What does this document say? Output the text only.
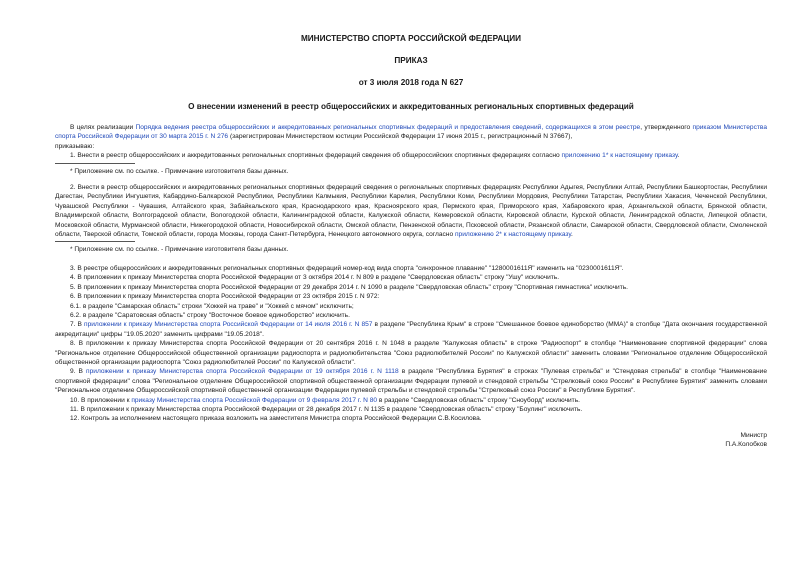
МИНИСТЕРСТВО СПОРТА РОССИЙСКОЙ ФЕДЕРАЦИИ
ПРИКАЗ
от 3 июля 2018 года N 627
О внесении изменений в реестр общероссийских и аккредитованных региональных спортивных федераций

В целях реализации Порядка ведения реестра общероссийских и аккредитованных региональных спортивных федераций и предоставления сведений, содержащихся в этом реестре, утвержденного приказом Министерства спорта Российской Федерации от 30 марта 2015 г. N 276 (зарегистрирован Министерством юстиции Российской Федерации 17 июня 2015 г., регистрационный N 37667),

приказываю:

1. Внести в реестр общероссийских и аккредитованных региональных спортивных федераций сведения об общероссийских спортивных федерациях согласно приложению 1* к настоящему приказу.

* Приложение см. по ссылке. - Примечание изготовителя базы данных.

2. Внести в реестр общероссийских и аккредитованных региональных спортивных федераций сведения о региональных спортивных федерациях Республики Адыгея, Республики Алтай, Республики Башкортостан, Республики Дагестан, Республики Ингушетия, Кабардино-Балкарской Республики, Республики Калмыкия, Республики Карелия, Республики Коми, Республики Мордовия, Республики Татарстан, Республики Хакасия, Чеченской Республики, Чувашской Республики - Чувашия, Алтайского края, Забайкальского края, Краснодарского края, Красноярского края, Пермского края, Приморского края, Хабаровского края, Архангельской области, Брянской области, Владимирской области, Волгоградской области, Вологодской области, Калининградской области, Калужской области, Кемеровской области, Кировской области, Курской области, Ленинградской области, Липецкой области, Московской области, Мурманской области, Нижегородской области, Новосибирской области, Омской области, Пензенской области, Псковской области, Рязанской области, Самарской области, Свердловской области, Смоленской области, Тверской области, Томской области, города Москвы, города Санкт-Петербурга, Ненецкого автономного округа, согласно приложению 2* к настоящему приказу.

* Приложение см. по ссылке. - Примечание изготовителя базы данных.

3. В реестре общероссийских и аккредитованных региональных спортивных федераций номер-код вида спорта "синхронное плавание" "1280001611Я" изменить на "0230001611Я".

4. В приложении к приказу Министерства спорта Российской Федерации от 3 октября 2014 г. N 809 в разделе "Свердловская область" строку "Ушу" исключить.

5. В приложении к приказу Министерства спорта Российской Федерации от 29 декабря 2014 г. N 1090 в разделе "Свердловская область" строку "Спортивная гимнастика" исключить.

6. В приложении к приказу Министерства спорта Российской Федерации от 23 октября 2015 г. N 972:

6.1. в разделе "Самарская область" строки "Хоккей на траве" и "Хоккей с мячом" исключить;

6.2. в разделе "Саратовская область" строку "Восточное боевое единоборство" исключить.

7. В приложении к приказу Министерства спорта Российской Федерации от 14 июля 2016 г. N 857 в разделе "Республика Крым" в строке "Смешанное боевое единоборство (ММА)" в столбце "Дата окончания государственной аккредитации" цифры "19.05.2020" заменить цифрами "19.05.2018".

8. В приложении к приказу Министерства спорта Российской Федерации от 20 сентября 2016 г. N 1048 в разделе "Калужская область" в строке "Радиоспорт" в столбце "Наименование спортивной федерации" слова "Региональное отделение Общероссийской общественной организации радиоспорта и радиолюбительства "Союз радиолюбителей России" по Калужской области" заменить словами "Региональное отделение Общероссийской общественной организации радиоспорта "Союз радиолюбителей России" по Калужской области".

9. В приложении к приказу Министерства спорта Российской Федерации от 19 октября 2016 г. N 1118 в разделе "Республика Бурятия" в строках "Пулевая стрельба" и "Стендовая стрельба" в столбце "Наименование спортивной федерации" слова "Региональное отделение Общероссийской спортивной общественной организации Федерации пулевой и стендовой стрельбы "Стрелковый союз России" в Республике Бурятия" заменить словами "Региональное отделение Общероссийской спортивной общественной организации Федерации пулевой стрельбы и стендовой стрельбы "Стрелковый союз России" в Республике Бурятия".

10. В приложении к приказу Министерства спорта Российской Федерации от 9 февраля 2017 г. N 80 в разделе "Свердловская область" строку "Сноуборд" исключить.

11. В приложении к приказу Министерства спорта Российской Федерации от 28 декабря 2017 г. N 1135 в разделе "Свердловская область" строку "Боулинг" исключить.

12. Контроль за исполнением настоящего приказа возложить на заместителя Министра спорта Российской Федерации С.В.Косилова.

Министр
П.А.Колобков
